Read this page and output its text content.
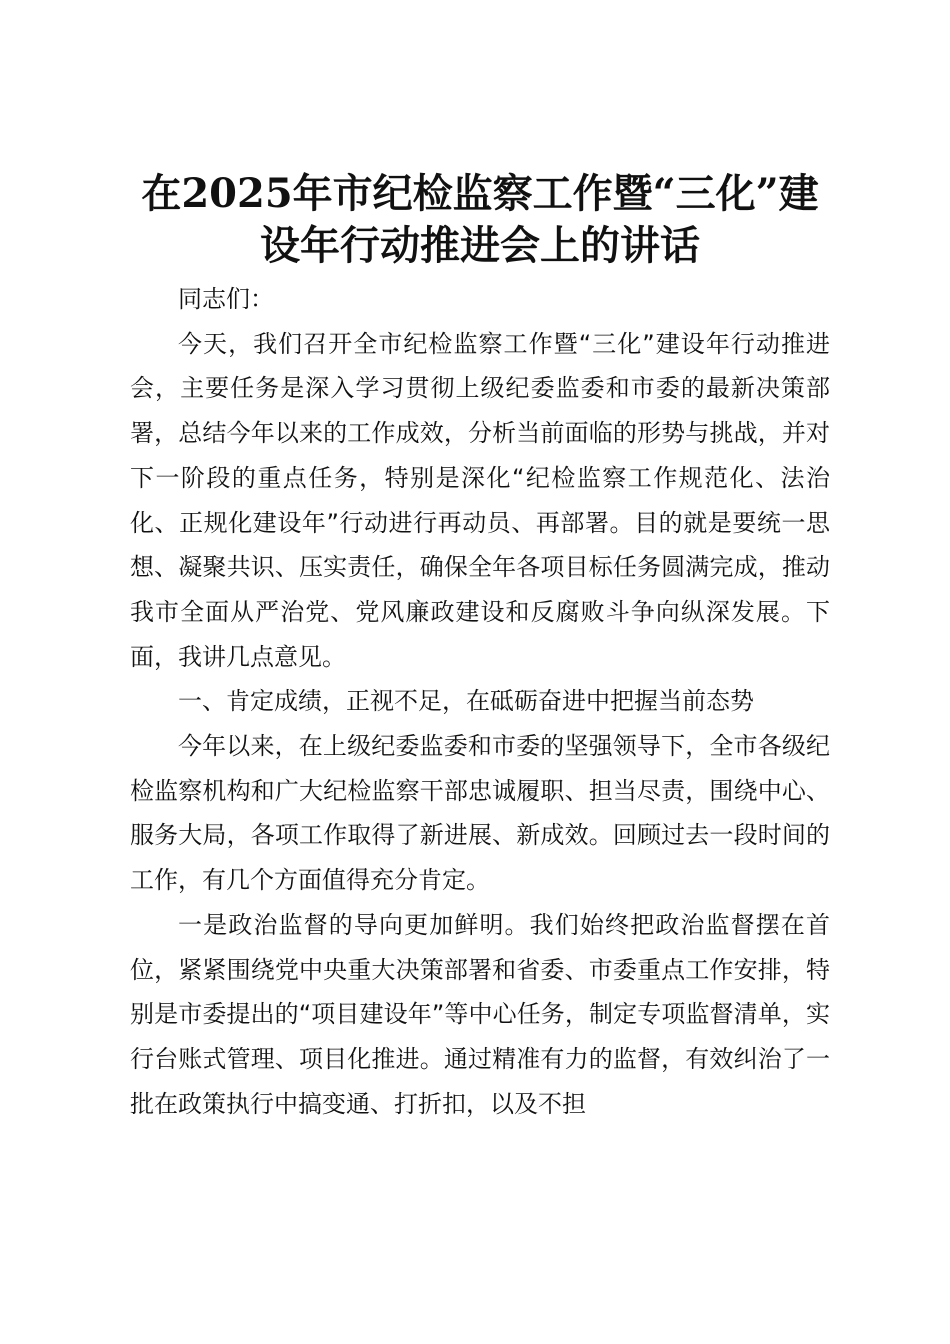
在2025年市纪检监察工作暨“三化”建设年行动推进会上的讲话

同志们：

今天，我们召开全市纪检监察工作暨“三化”建设年行动推进会，主要任务是深入学习贯彻上级纪委监委和市委的最新决策部署，总结今年以来的工作成效，分析当前面临的形势与挑战，并对下一阶段的重点任务，特别是深化“纪检监察工作规范化、法治化、正规化建设年”行动进行再动员、再部署。目的就是要统一思想、凝聚共识、压实责任，确保全年各项目标任务圆满完成，推动我市全面从严治党、党风廉政建设和反腐败斗争向纵深发展。下面，我讲几点意见。

一、肯定成绩，正视不足，在砥砺奋进中把握当前态势

今年以来，在上级纪委监委和市委的坚强领导下，全市各级纪检监察机构和广大纪检监察干部忠诚履职、担当尽责，围绕中心、服务大局，各项工作取得了新进展、新成效。回顾过去一段时间的工作，有几个方面值得充分肯定。

一是政治监督的导向更加鲜明。我们始终把政治监督摆在首位，紧紧围绕党中央重大决策部署和省委、市委重点工作安排，特别是市委提出的“项目建设年”等中心任务，制定专项监督清单，实行台账式管理、项目化推进。通过精准有力的监督，有效纠治了一批在政策执行中搞变通、打折扣，以及不担
